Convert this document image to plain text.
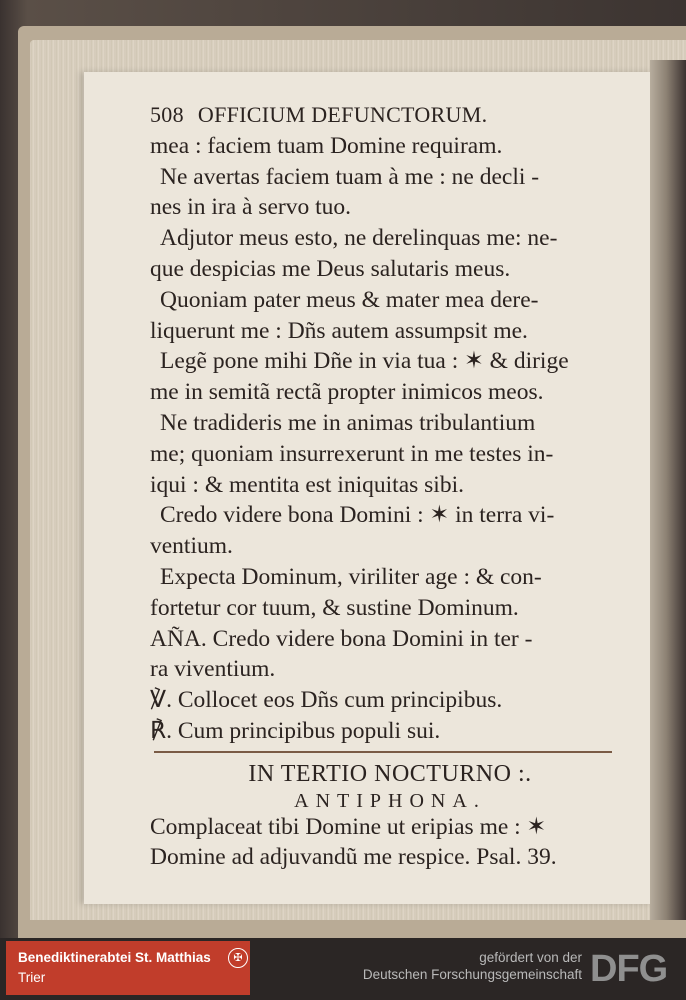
508 OFFICIUM DEFUNCTORUM.
mea : faciem tuam Domine requiram.
Ne avertas faciem tuam à me : ne decli -
nes in ira à servo tuo.
Adjutor meus esto, ne derelinquas me: ne-
que despicias me Deus salutaris meus.
Quoniam pater meus & mater mea dere-
liquerunt me : Dñs autem assumpsit me.
Legẽ pone mihi Dñe in via tua : ✶ & dirige
me in semitã rectã propter inimicos meos.
Ne tradideris me in animas tribulantium
me; quoniam insurrexerunt in me testes in-
iqui : & mentita est iniquitas sibi.
Credo videre bona Domini : ✶ in terra vi-
ventium.
Expecta Dominum, viriliter age : & con-
fortetur cor tuum, & sustine Dominum.
AÑA. Credo videre bona Domini in ter -
ra viventium.
℣. Collocet eos Dñs cum principibus.
℟. Cum principibus populi sui.
IN TERTIO NOCTURNO :.
ANTIPHONA.
Complaceat tibi Domine ut eripias me : ✶
Domine ad adjuvandũ me respice. Psal. 39.
Benediktinerabtei St. Matthias
Trier
✠	gefördert von der
Deutschen Forschungsgemeinschaft DFG
